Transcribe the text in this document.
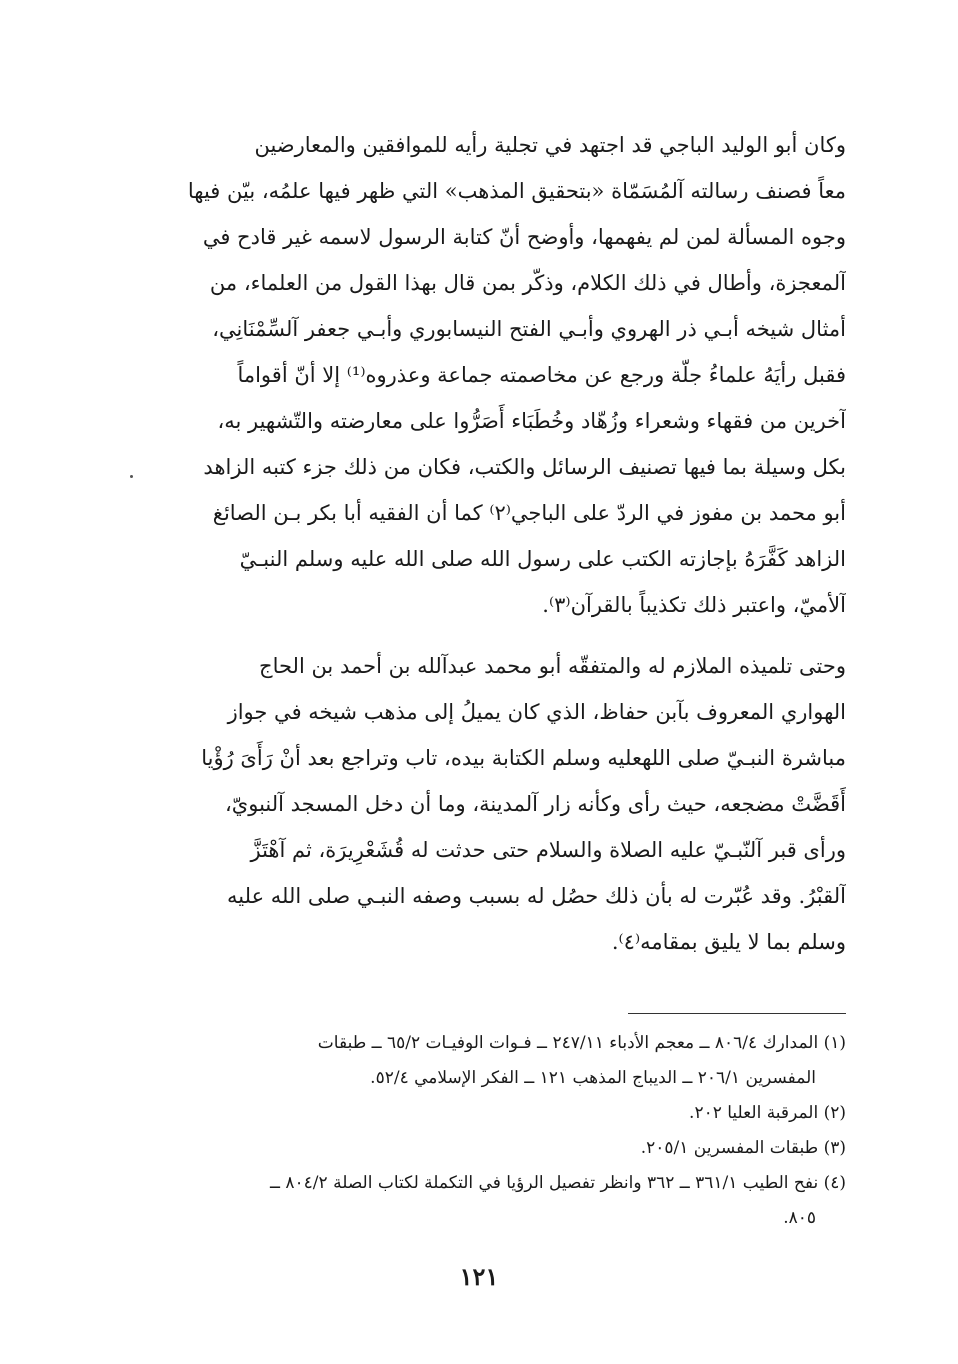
وكان أبو الوليد الباجي قد اجتهد في تجلية رأيه للموافقين والمعارضين
معاً فصنف رسالته آلمُسَمّاة «بتحقيق المذهب» التي ظهر فيها علمُه، بيّن فيها
وجوه المسألة لمن لم يفهمها، وأوضح أنّ كتابة الرسول لاسمه غير قادح في
آلمعجزة، وأطال في ذلك الكلام، وذكّر بمن قال بهذا القول من العلماء، من
أمثال شيخه أبـي ذر الهروي وأبـي الفتح النيسابوري وأبـي جعفر آلسِّمْنَانِي،
فقبل رأيَهُ علماءُ جلّة ورجع عن مخاصمته جماعة وعذروه⁽¹⁾ إلا أنّ أقواماً
آخرين من فقهاء وشعراء وزُهّاد وخُطَبَاء أَصَرُّوا على معارضته والتّشهير به،
بكل وسيلة بما فيها تصنيف الرسائل والكتب، فكان من ذلك جزء كتبه الزاهد
أبو محمد بن مفوز في الردّ على الباجي⁽٢⁾ كما أن الفقيه أبا بكر بـن الصائغ
الزاهد كَفَّرَهُ بإجازته الكتب على رسول الله صلى الله عليه وسلم النبـيّ
آلأميّ، واعتبر ذلك تكذيباً بالقرآن⁽٣⁾.
وحتى تلميذه الملازم له والمتفقّه أبو محمد عبدآلله بن أحمد بن الحاج
الهواري المعروف بآبن حفاظ، الذي كان يميلُ إلى مذهب شيخه في جواز
مباشرة النبـيّ صلى اللهعليه وسلم الكتابة بيده، تاب وتراجع بعد أنْ رَأَىَ رُؤْيا
أَقَضَّتْ مضجعه، حيث رأى وكأنه زار آلمدينة، وما أن دخل المسجد آلنبويّ،
ورأى قبر آلنّبـيّ عليه الصلاة والسلام حتى حدثت له قُشَعْرِيرَة، ثم آهْتَزَّ
آلقبْرُ. وقد عُبّرت له بأن ذلك حصُل له بسبب وصفه النبـي صلى الله عليه
وسلم بما لا يليق بمقامه⁽٤⁾.
(١) المدارك ٨٠٦/٤ ــ معجم الأدباء ٢٤٧/١١ ــ فـوات الوفيـات ٦٥/٢ ــ طبقات
المفسرين ٢٠٦/١ ــ الديباج المذهب ١٢١ ــ الفكر الإسلامي ٥٢/٤.
(٢) المرقبة العليا ٢٠٢.
(٣) طبقات المفسرين ٢٠٥/١.
(٤) نفح الطيب ٣٦١/١ ــ ٣٦٢ وانظر تفصيل الرؤيا في التكملة لكتاب الصلة ٨٠٤/٢ ــ
٨٠٥.
١٢١
